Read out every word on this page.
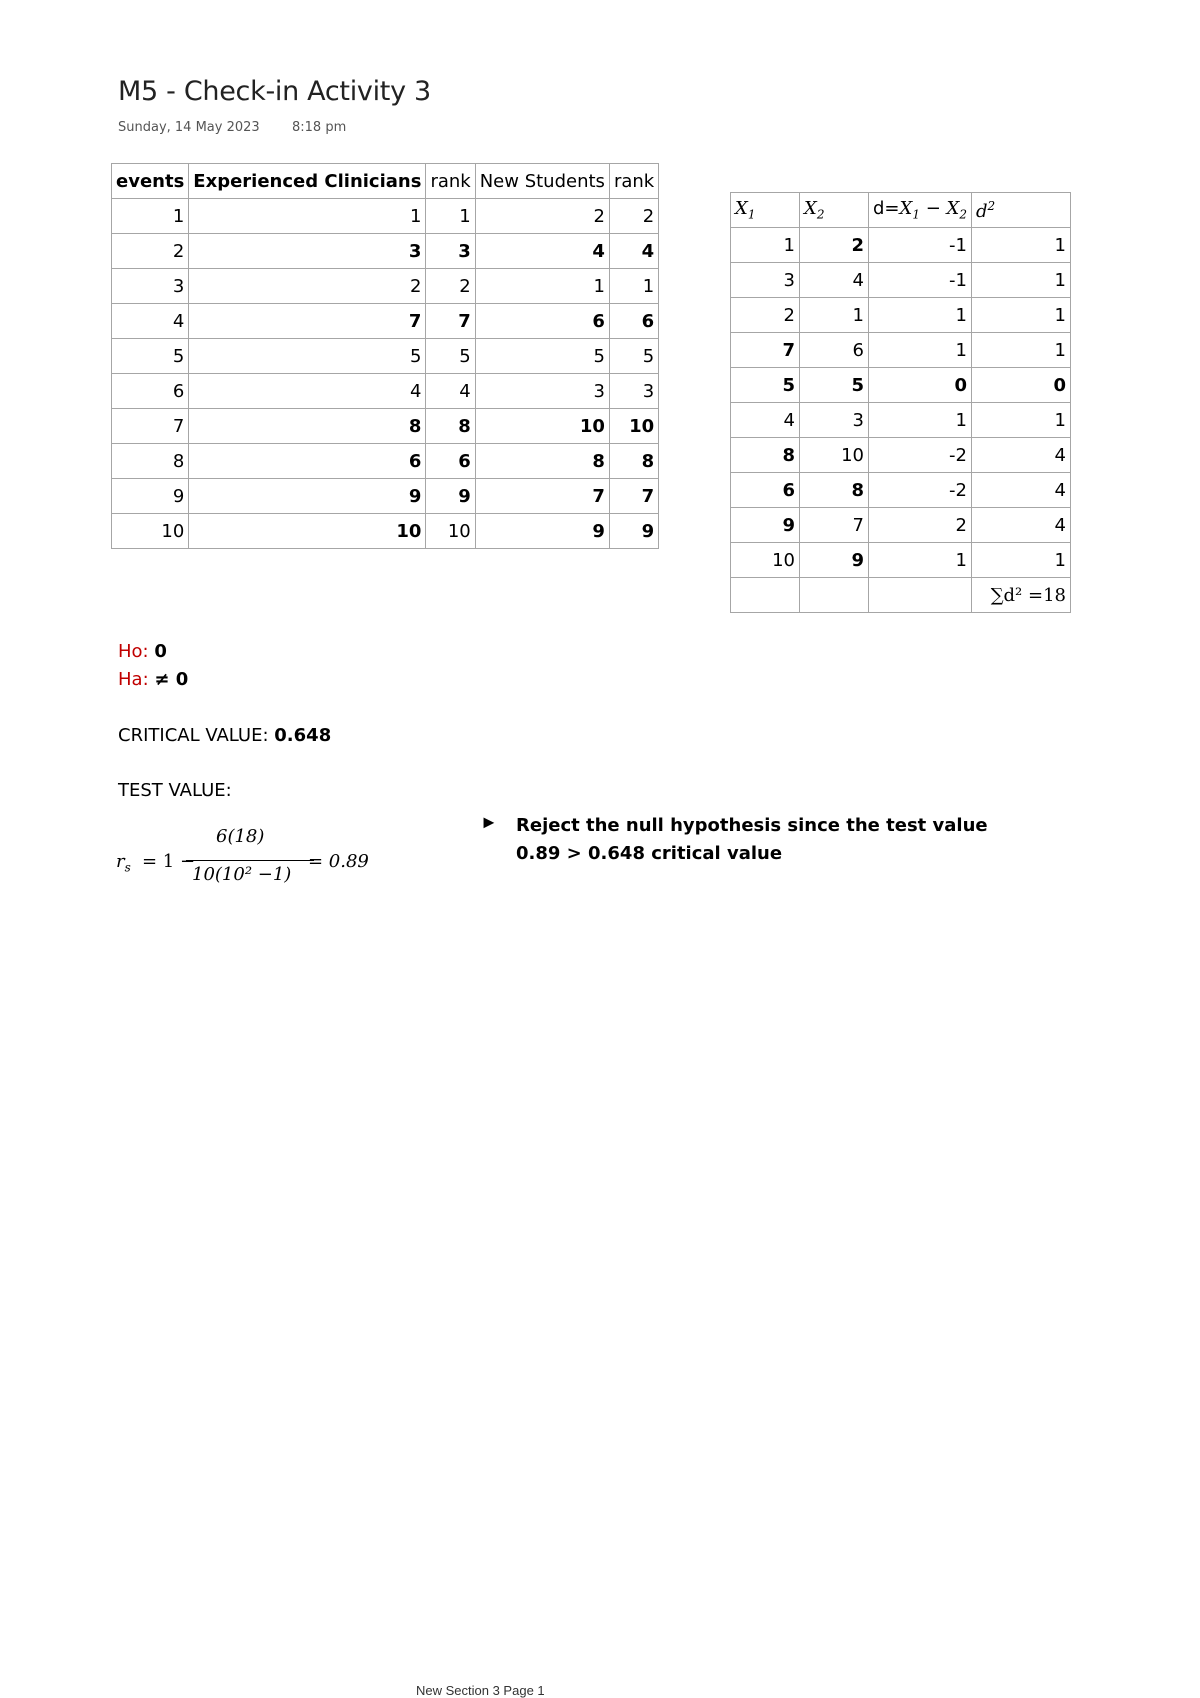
M5 - Check-in Activity 3
Sunday, 14 May 2023 8:18 pm
events	Experienced Clinicians	rank	New Students	rank
1	1	1	2	2
2	3	3	4	4
3	2	2	1	1
4	7	7	6	6
5	5	5	5	5
6	4	4	3	3
7	8	8	10	10
8	6	6	8	8
9	9	9	7	7
10	10	10	9	9
$X_1$	$X_2$	$d=X_1 - X_2$	$d^2$
1	2	-1	1
3	4	-1	1
2	1	1	1
7	6	1	1
5	5	0	0
4	3	1	1
8	10	-2	4
6	8	-2	4
9	7	2	4
10	9	1	1
			∑d² =18
Ho: 0
Ha: ≠ 0
CRITICAL VALUE: 0.648
TEST VALUE:
$r_s = 1$ −
6(18)
10(10² −1)
= 0.89
► Reject the null hypothesis since the test value
0.89 > 0.648 critical value
New Section 3 Page 1
